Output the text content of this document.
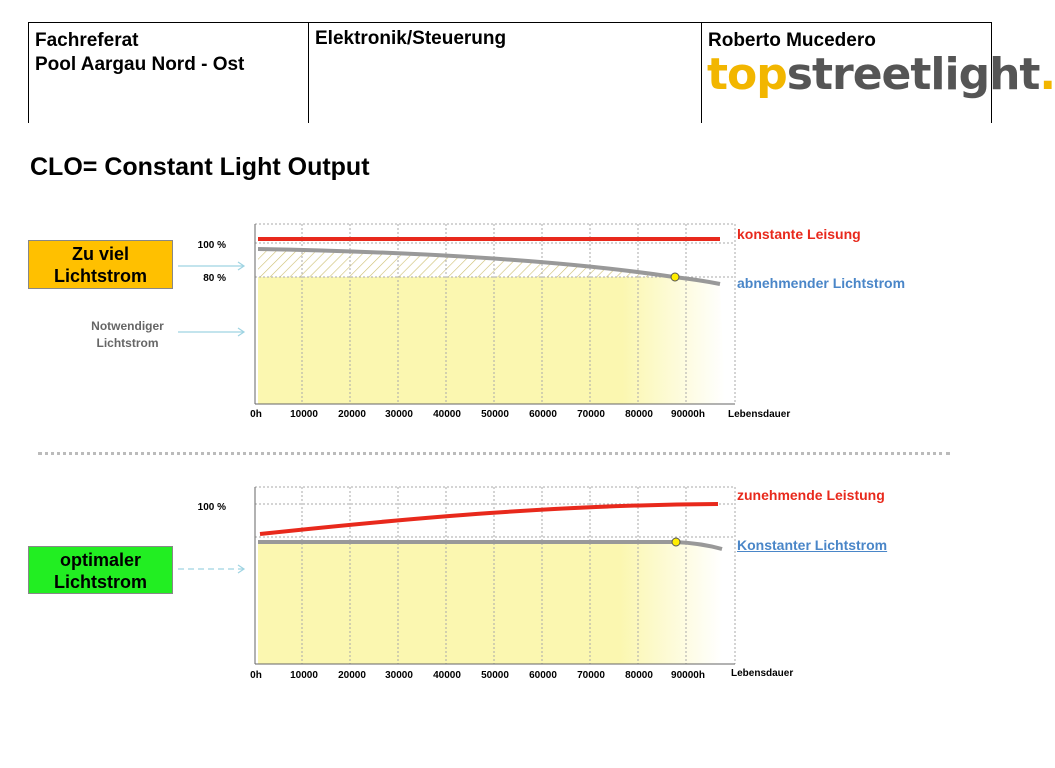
Fachreferat
Pool Aargau Nord - Ost
Elektronik/Steuerung	Roberto Mucedero
topstreetlight.
CLO= Constant Light Output
100 %
80 %
0h	10000 20000 30000 40000 50000 60000 70000 80000 90000h Lebensdauer
Zu viel
Lichtstrom
Notwendiger
Lichtstrom
konstante Leisung
abnehmender Lichtstrom
100 %
0h	10000 20000 30000 40000 50000 60000 70000 80000 90000h	Lebensdauer
optimaler
Lichtstrom
zunehmende Leistung
Konstanter Lichtstrom
